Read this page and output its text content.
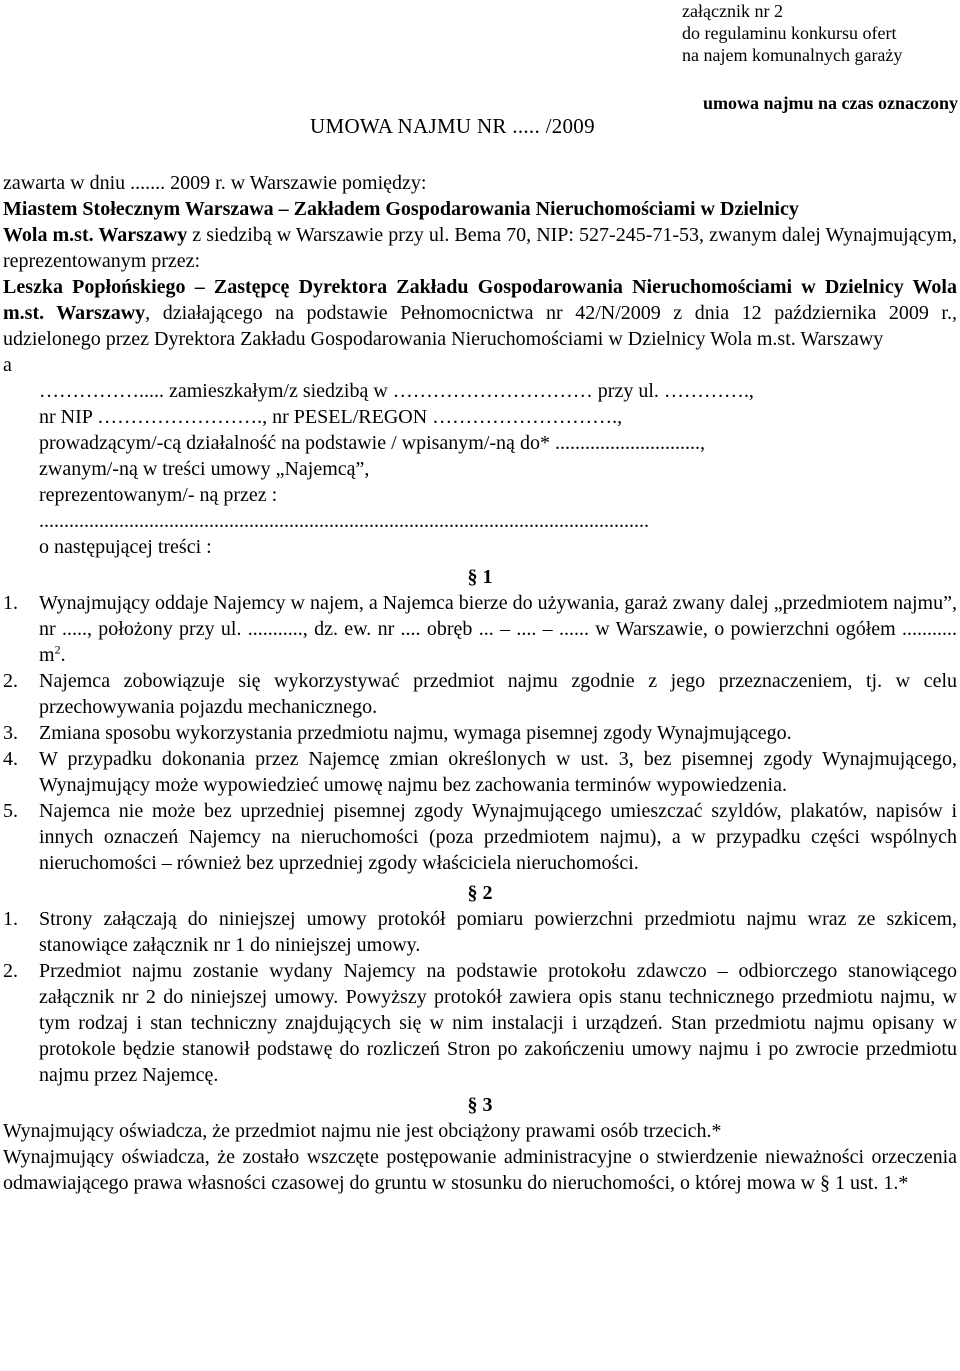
załącznik nr 2
do regulaminu konkursu ofert
na najem komunalnych garaży
umowa najmu na czas oznaczony
UMOWA NAJMU NR ..... /2009
zawarta w dniu ....... 2009 r. w Warszawie pomiędzy:
Miastem Stołecznym Warszawa – Zakładem Gospodarowania Nieruchomościami w Dzielnicy
Wola m.st. Warszawy z siedzibą w Warszawie przy ul. Bema 70, NIP: 527-245-71-53, zwanym dalej Wynajmującym, reprezentowanym przez:
Leszka Popłońskiego – Zastępcę Dyrektora Zakładu Gospodarowania Nieruchomościami w Dzielnicy Wola m.st. Warszawy, działającego na podstawie Pełnomocnictwa nr 42/N/2009 z dnia 12 października 2009 r., udzielonego przez Dyrektora Zakładu Gospodarowania Nieruchomościami w Dzielnicy Wola m.st. Warszawy
a
……………..... zamieszkałym/z siedzibą w ………………………… przy ul. ………….,
nr NIP ……………………., nr PESEL/REGON ……………………….,
prowadzącym/-cą działalność na podstawie / wpisanym/-ną do* .............................,
zwanym/-ną w treści umowy „Najemcą”,
reprezentowanym/- ną przez :
..........................................................................................................................
o następującej treści :
§ 1
1. Wynajmujący oddaje Najemcy w najem, a Najemca bierze do używania, garaż zwany dalej „przedmiotem najmu”, nr ....., położony przy ul. ..........., dz. ew. nr .... obręb ... – .... – ...... w Warszawie, o powierzchni ogółem ........... $m^2$.
2. Najemca zobowiązuje się wykorzystywać przedmiot najmu zgodnie z jego przeznaczeniem, tj. w celu przechowywania pojazdu mechanicznego.
3. Zmiana sposobu wykorzystania przedmiotu najmu, wymaga pisemnej zgody Wynajmującego.
4. W przypadku dokonania przez Najemcę zmian określonych w ust. 3, bez pisemnej zgody Wynajmującego, Wynajmujący może wypowiedzieć umowę najmu bez zachowania terminów wypowiedzenia.
5. Najemca nie może bez uprzedniej pisemnej zgody Wynajmującego umieszczać szyldów, plakatów, napisów i innych oznaczeń Najemcy na nieruchomości (poza przedmiotem najmu), a w przypadku części wspólnych nieruchomości – również bez uprzedniej zgody właściciela nieruchomości.
§ 2
1. Strony załączają do niniejszej umowy protokół pomiaru powierzchni przedmiotu najmu wraz ze szkicem, stanowiące załącznik nr 1 do niniejszej umowy.
2. Przedmiot najmu zostanie wydany Najemcy na podstawie protokołu zdawczo – odbiorczego stanowiącego załącznik nr 2 do niniejszej umowy. Powyższy protokół zawiera opis stanu technicznego przedmiotu najmu, w tym rodzaj i stan techniczny znajdujących się w nim instalacji i urządzeń. Stan przedmiotu najmu opisany w protokole będzie stanowił podstawę do rozliczeń Stron po zakończeniu umowy najmu i po zwrocie przedmiotu najmu przez Najemcę.
§ 3
Wynajmujący oświadcza, że przedmiot najmu nie jest obciążony prawami osób trzecich.*
Wynajmujący oświadcza, że zostało wszczęte postępowanie administracyjne o stwierdzenie nieważności orzeczenia odmawiającego prawa własności czasowej do gruntu w stosunku do nieruchomości, o której mowa w § 1 ust. 1.*
